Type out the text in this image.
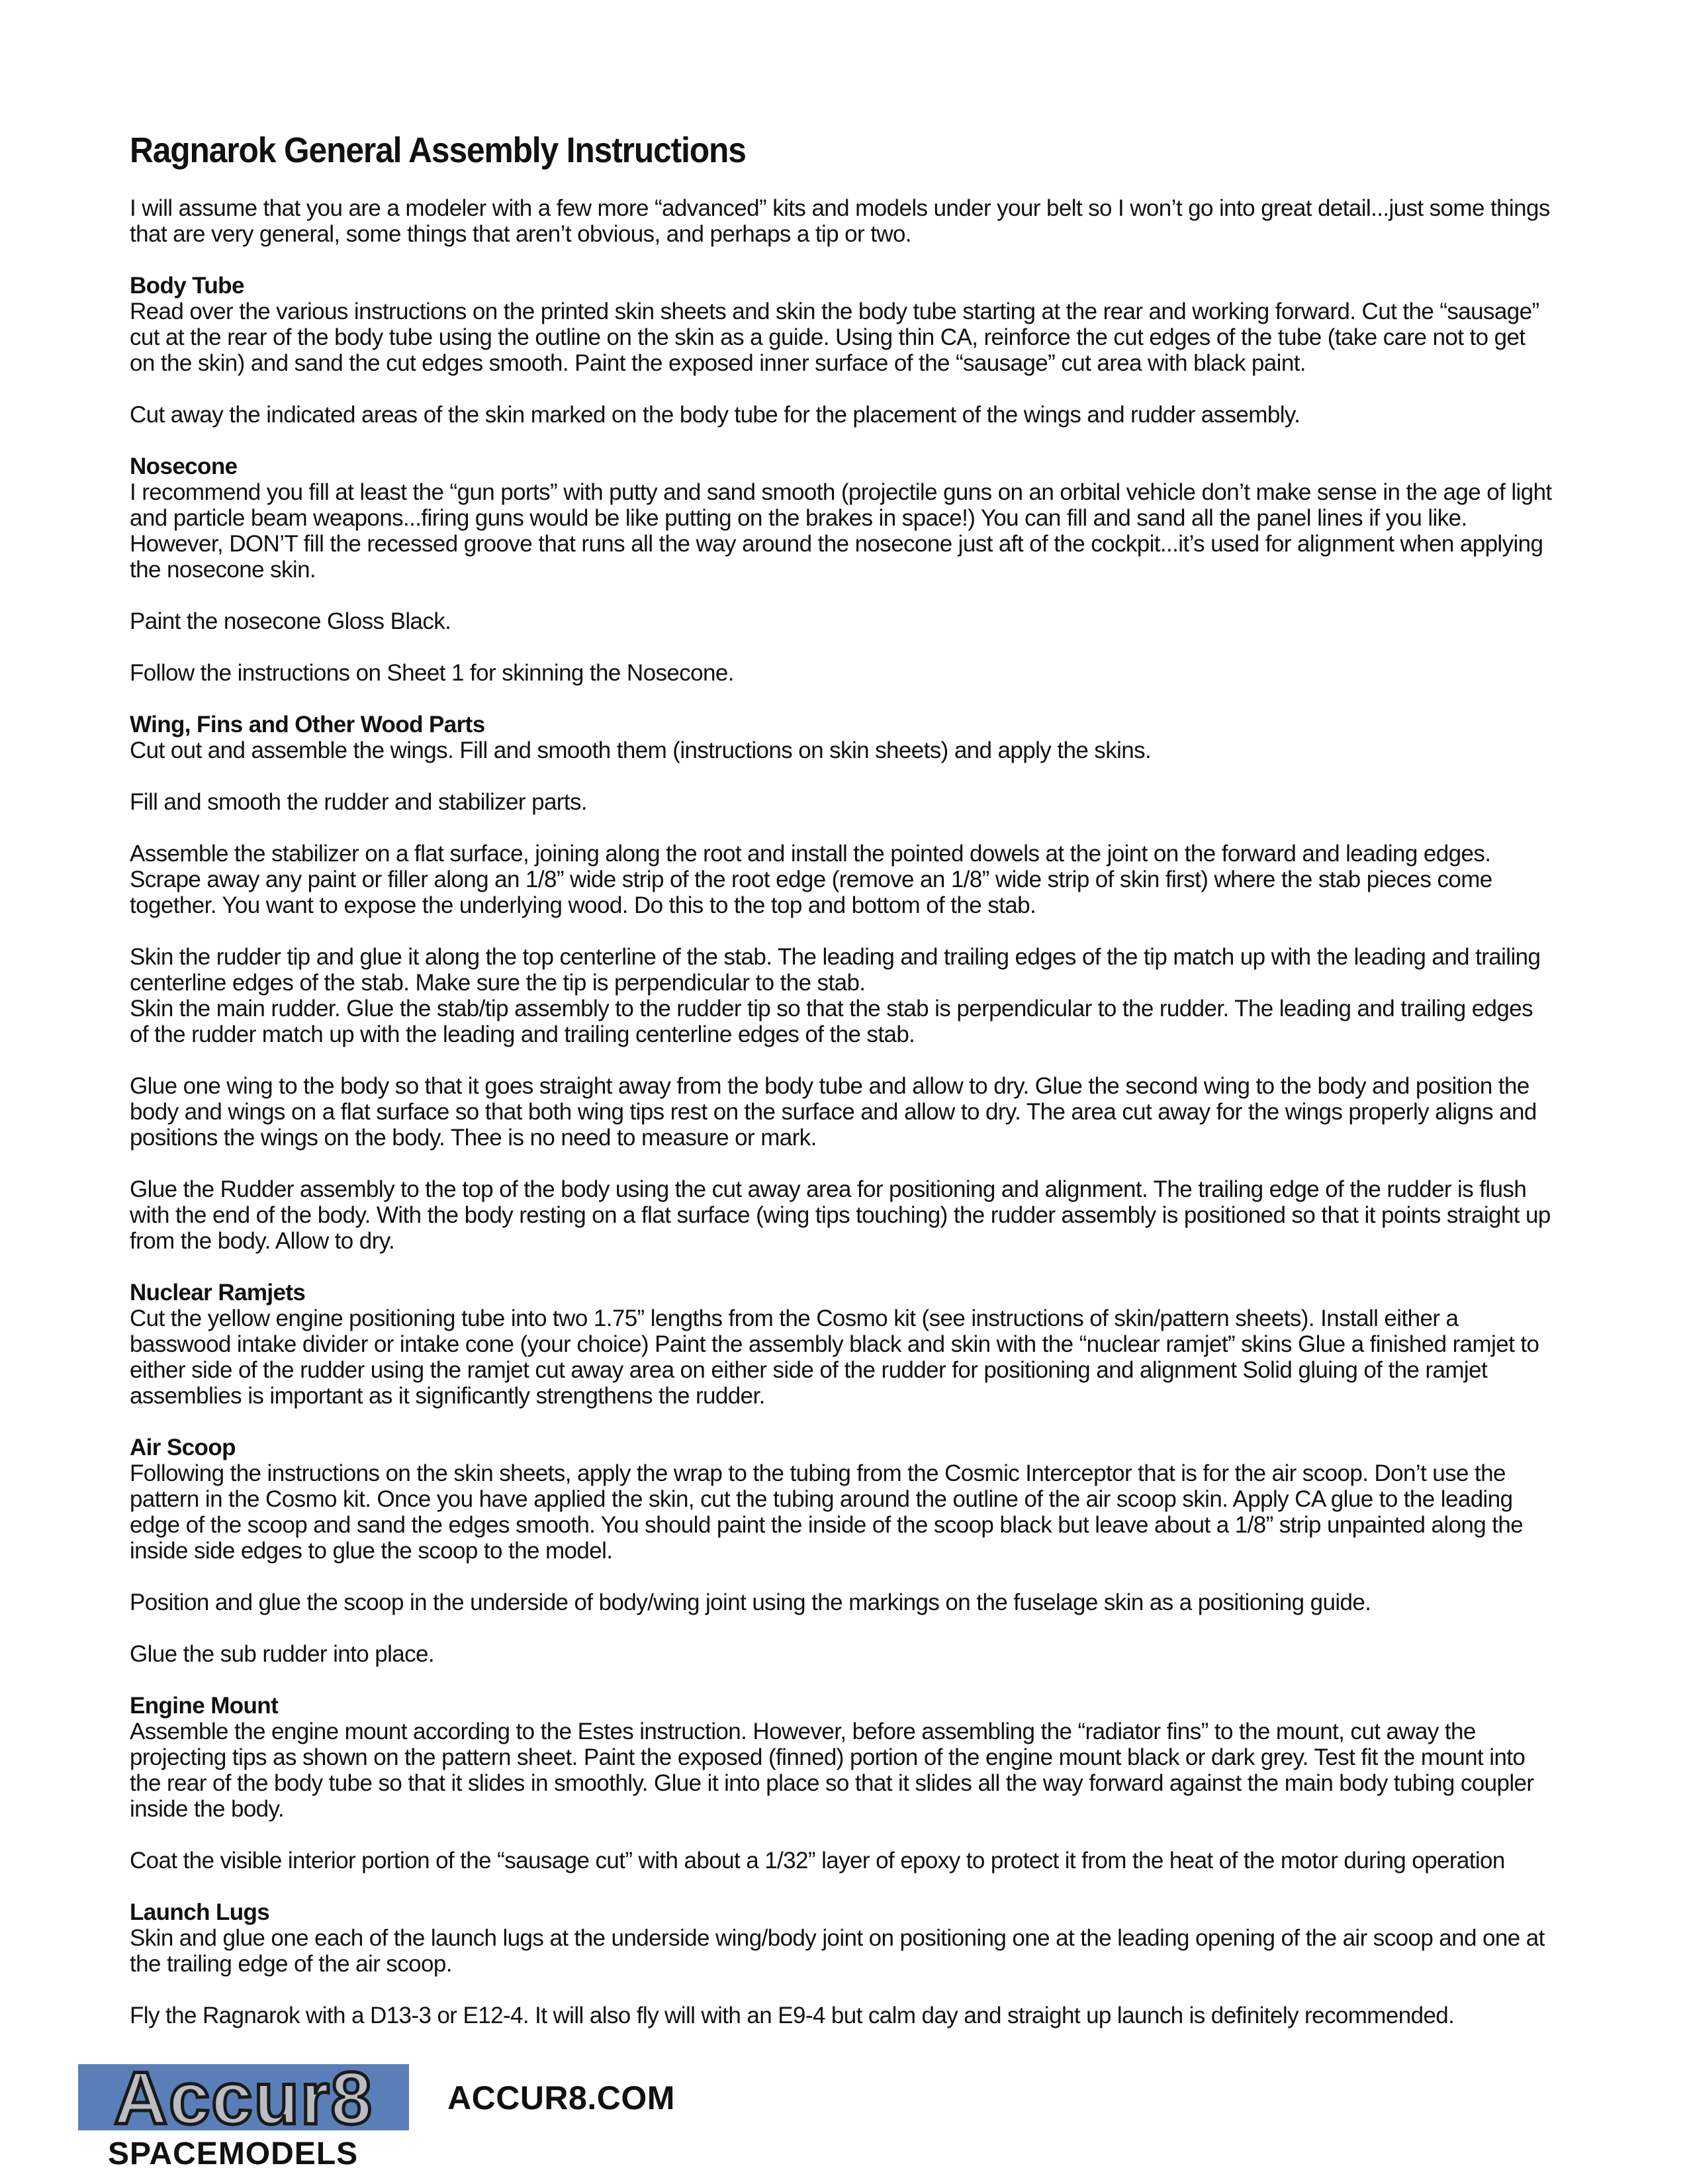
Ragnarok General Assembly Instructions

I will assume that you are a modeler with a few more “advanced” kits and models under your belt so I won’t go into great detail...just some things
that are very general, some things that aren’t obvious, and perhaps a tip or two.

Body Tube

Read over the various instructions on the printed skin sheets and skin the body tube starting at the rear and working forward. Cut the “sausage”
cut at the rear of the body tube using the outline on the skin as a guide. Using thin CA, reinforce the cut edges of the tube (take care not to get
on the skin) and sand the cut edges smooth. Paint the exposed inner surface of the “sausage” cut area with black paint.

Cut away the indicated areas of the skin marked on the body tube for the placement of the wings and rudder assembly.

Nosecone

I recommend you fill at least the “gun ports” with putty and sand smooth (projectile guns on an orbital vehicle don’t make sense in the age of light
and particle beam weapons...firing guns would be like putting on the brakes in space!) You can fill and sand all the panel lines if you like.
However, DON’T fill the recessed groove that runs all the way around the nosecone just aft of the cockpit...it’s used for alignment when applying
the nosecone skin.

Paint the nosecone Gloss Black.

Follow the instructions on Sheet 1 for skinning the Nosecone.

Wing, Fins and Other Wood Parts

Cut out and assemble the wings. Fill and smooth them (instructions on skin sheets) and apply the skins.

Fill and smooth the rudder and stabilizer parts.

Assemble the stabilizer on a flat surface, joining along the root and install the pointed dowels at the joint on the forward and leading edges.
Scrape away any paint or filler along an 1/8” wide strip of the root edge (remove an 1/8” wide strip of skin first) where the stab pieces come
together. You want to expose the underlying wood. Do this to the top and bottom of the stab.

Skin the rudder tip and glue it along the top centerline of the stab. The leading and trailing edges of the tip match up with the leading and trailing
centerline edges of the stab. Make sure the tip is perpendicular to the stab.
Skin the main rudder. Glue the stab/tip assembly to the rudder tip so that the stab is perpendicular to the rudder. The leading and trailing edges
of the rudder match up with the leading and trailing centerline edges of the stab.

Glue one wing to the body so that it goes straight away from the body tube and allow to dry. Glue the second wing to the body and position the
body and wings on a flat surface so that both wing tips rest on the surface and allow to dry. The area cut away for the wings properly aligns and
positions the wings on the body. Thee is no need to measure or mark.

Glue the Rudder assembly to the top of the body using the cut away area for positioning and alignment. The trailing edge of the rudder is flush
with the end of the body. With the body resting on a flat surface (wing tips touching) the rudder assembly is positioned so that it points straight up
from the body. Allow to dry.

Nuclear Ramjets

Cut the yellow engine positioning tube into two 1.75” lengths from the Cosmo kit (see instructions of skin/pattern sheets). Install either a
basswood intake divider or intake cone (your choice) Paint the assembly black and skin with the “nuclear ramjet” skins Glue a finished ramjet to
either side of the rudder using the ramjet cut away area on either side of the rudder for positioning and alignment Solid gluing of the ramjet
assemblies is important as it significantly strengthens the rudder.

Air Scoop

Following the instructions on the skin sheets, apply the wrap to the tubing from the Cosmic Interceptor that is for the air scoop. Don’t use the
pattern in the Cosmo kit. Once you have applied the skin, cut the tubing around the outline of the air scoop skin. Apply CA glue to the leading
edge of the scoop and sand the edges smooth. You should paint the inside of the scoop black but leave about a 1/8” strip unpainted along the
inside side edges to glue the scoop to the model.

Position and glue the scoop in the underside of body/wing joint using the markings on the fuselage skin as a positioning guide.

Glue the sub rudder into place.

Engine Mount

Assemble the engine mount according to the Estes instruction. However, before assembling the “radiator fins” to the mount, cut away the
projecting tips as shown on the pattern sheet. Paint the exposed (finned) portion of the engine mount black or dark grey. Test fit the mount into
the rear of the body tube so that it slides in smoothly. Glue it into place so that it slides all the way forward against the main body tubing coupler
inside the body.

Coat the visible interior portion of the “sausage cut” with about a 1/32” layer of epoxy to protect it from the heat of the motor during operation

Launch Lugs

Skin and glue one each of the launch lugs at the underside wing/body joint on positioning one at the leading opening of the air scoop and one at
the trailing edge of the air scoop.

Fly the Ragnarok with a D13-3 or E12-4. It will also fly will with an E9-4 but calm day and straight up launch is definitely recommended.

Accur8
SPACEMODELS
ACCUR8.COM
